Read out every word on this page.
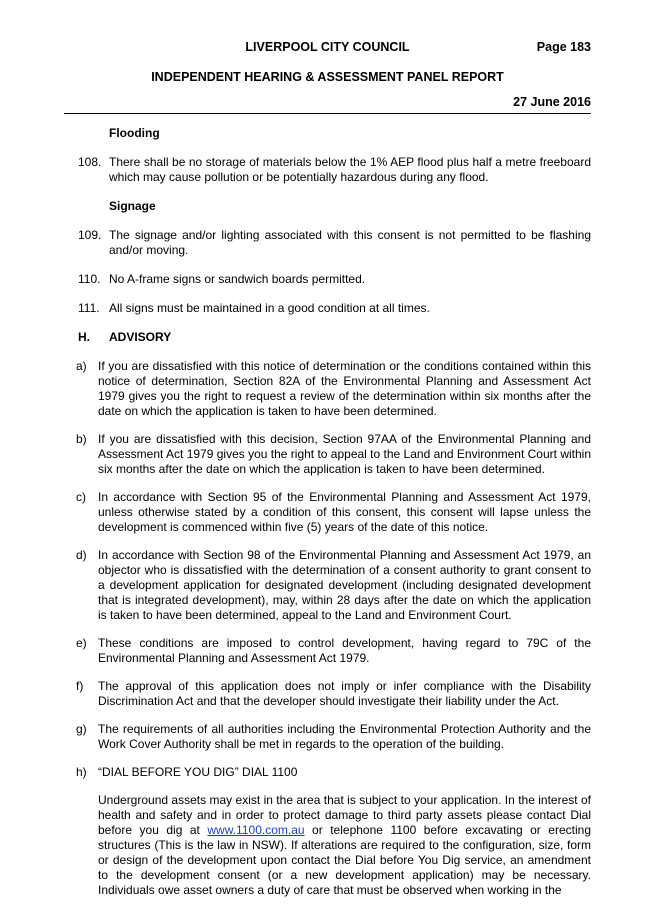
LIVERPOOL CITY COUNCIL	Page 183
INDEPENDENT HEARING & ASSESSMENT PANEL REPORT
27 June 2016

Flooding

108. There shall be no storage of materials below the 1% AEP flood plus half a metre freeboard which may cause pollution or be potentially hazardous during any flood.

Signage

109. The signage and/or lighting associated with this consent is not permitted to be flashing and/or moving.
110. No A-frame signs or sandwich boards permitted.
111. All signs must be maintained in a good condition at all times.
H. ADVISORY
a) If you are dissatisfied with this notice of determination or the conditions contained within this notice of determination, Section 82A of the Environmental Planning and Assessment Act 1979 gives you the right to request a review of the determination within six months after the date on which the application is taken to have been determined.
b) If you are dissatisfied with this decision, Section 97AA of the Environmental Planning and Assessment Act 1979 gives you the right to appeal to the Land and Environment Court within six months after the date on which the application is taken to have been determined.
c) In accordance with Section 95 of the Environmental Planning and Assessment Act 1979, unless otherwise stated by a condition of this consent, this consent will lapse unless the development is commenced within five (5) years of the date of this notice.
d) In accordance with Section 98 of the Environmental Planning and Assessment Act 1979, an objector who is dissatisfied with the determination of a consent authority to grant consent to a development application for designated development (including designated development that is integrated development), may, within 28 days after the date on which the application is taken to have been determined, appeal to the Land and Environment Court.
e) These conditions are imposed to control development, having regard to 79C of the Environmental Planning and Assessment Act 1979.
f) The approval of this application does not imply or infer compliance with the Disability Discrimination Act and that the developer should investigate their liability under the Act.
g) The requirements of all authorities including the Environmental Protection Authority and the Work Cover Authority shall be met in regards to the operation of the building.
h) “DIAL BEFORE YOU DIG” DIAL 1100
Underground assets may exist in the area that is subject to your application. In the interest of health and safety and in order to protect damage to third party assets please contact Dial before you dig at www.1100.com.au or telephone 1100 before excavating or erecting structures (This is the law in NSW). If alterations are required to the configuration, size, form or design of the development upon contact the Dial before You Dig service, an amendment to the development consent (or a new development application) may be necessary. Individuals owe asset owners a duty of care that must be observed when working in the
